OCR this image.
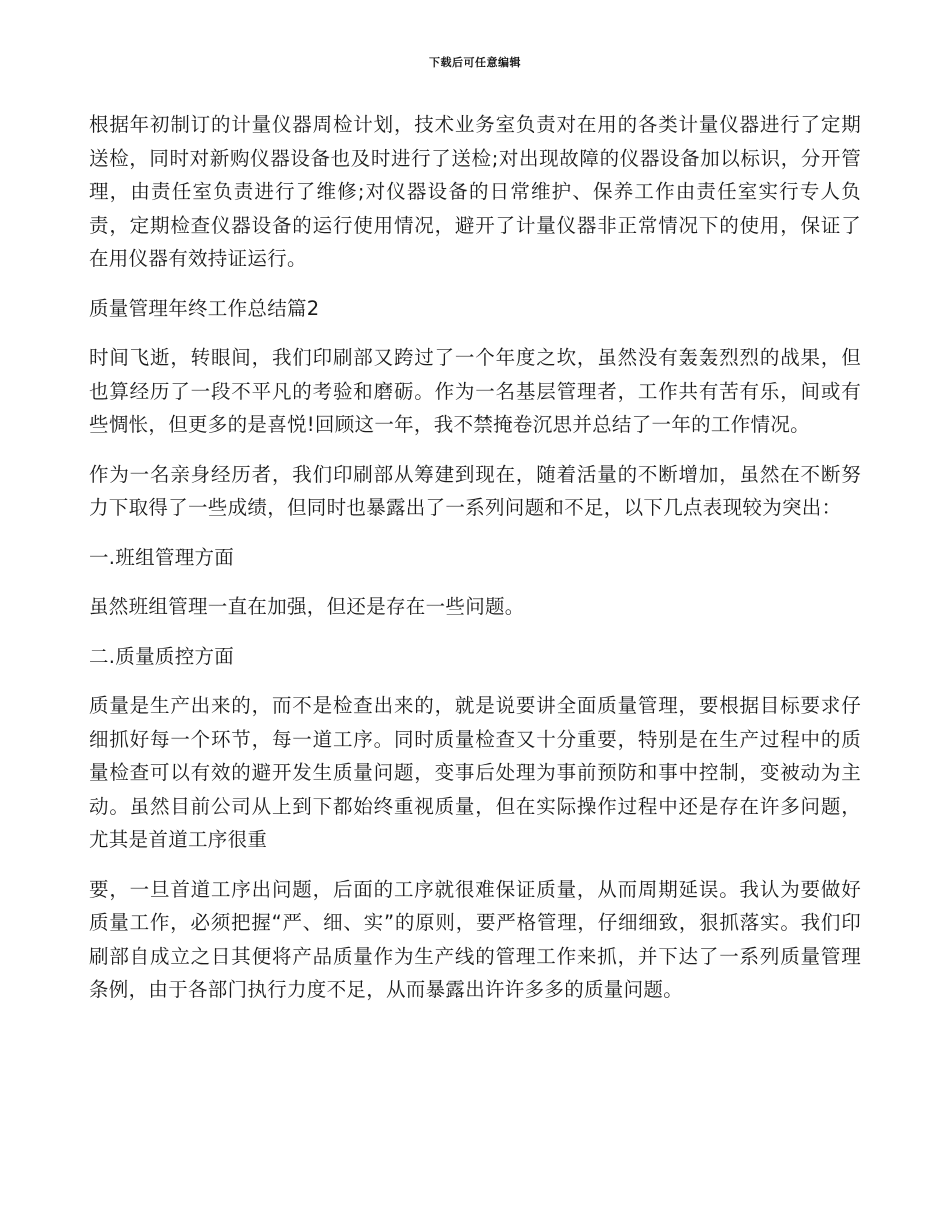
下载后可任意编辑

根据年初制订的计量仪器周检计划，技术业务室负责对在用的各类计量仪器进行了定期送检，同时对新购仪器设备也及时进行了送检;对出现故障的仪器设备加以标识，分开管理，由责任室负责进行了维修;对仪器设备的日常维护、保养工作由责任室实行专人负责，定期检查仪器设备的运行使用情况，避开了计量仪器非正常情况下的使用，保证了在用仪器有效持证运行。

质量管理年终工作总结篇2

时间飞逝，转眼间，我们印刷部又跨过了一个年度之坎，虽然没有轰轰烈烈的战果，但也算经历了一段不平凡的考验和磨砺。作为一名基层管理者，工作共有苦有乐，间或有些惆怅，但更多的是喜悦!回顾这一年，我不禁掩卷沉思并总结了一年的工作情况。

作为一名亲身经历者，我们印刷部从筹建到现在，随着活量的不断增加，虽然在不断努力下取得了一些成绩，但同时也暴露出了一系列问题和不足，以下几点表现较为突出：

一.班组管理方面

虽然班组管理一直在加强，但还是存在一些问题。

二.质量质控方面

质量是生产出来的，而不是检查出来的，就是说要讲全面质量管理，要根据目标要求仔细抓好每一个环节，每一道工序。同时质量检查又十分重要，特别是在生产过程中的质量检查可以有效的避开发生质量问题，变事后处理为事前预防和事中控制，变被动为主动。虽然目前公司从上到下都始终重视质量，但在实际操作过程中还是存在许多问题，尤其是首道工序很重

要，一旦首道工序出问题，后面的工序就很难保证质量，从而周期延误。我认为要做好质量工作，必须把握“严、细、实”的原则，要严格管理，仔细细致，狠抓落实。我们印刷部自成立之日其便将产品质量作为生产线的管理工作来抓，并下达了一系列质量管理条例，由于各部门执行力度不足，从而暴露出许许多多的质量问题。
